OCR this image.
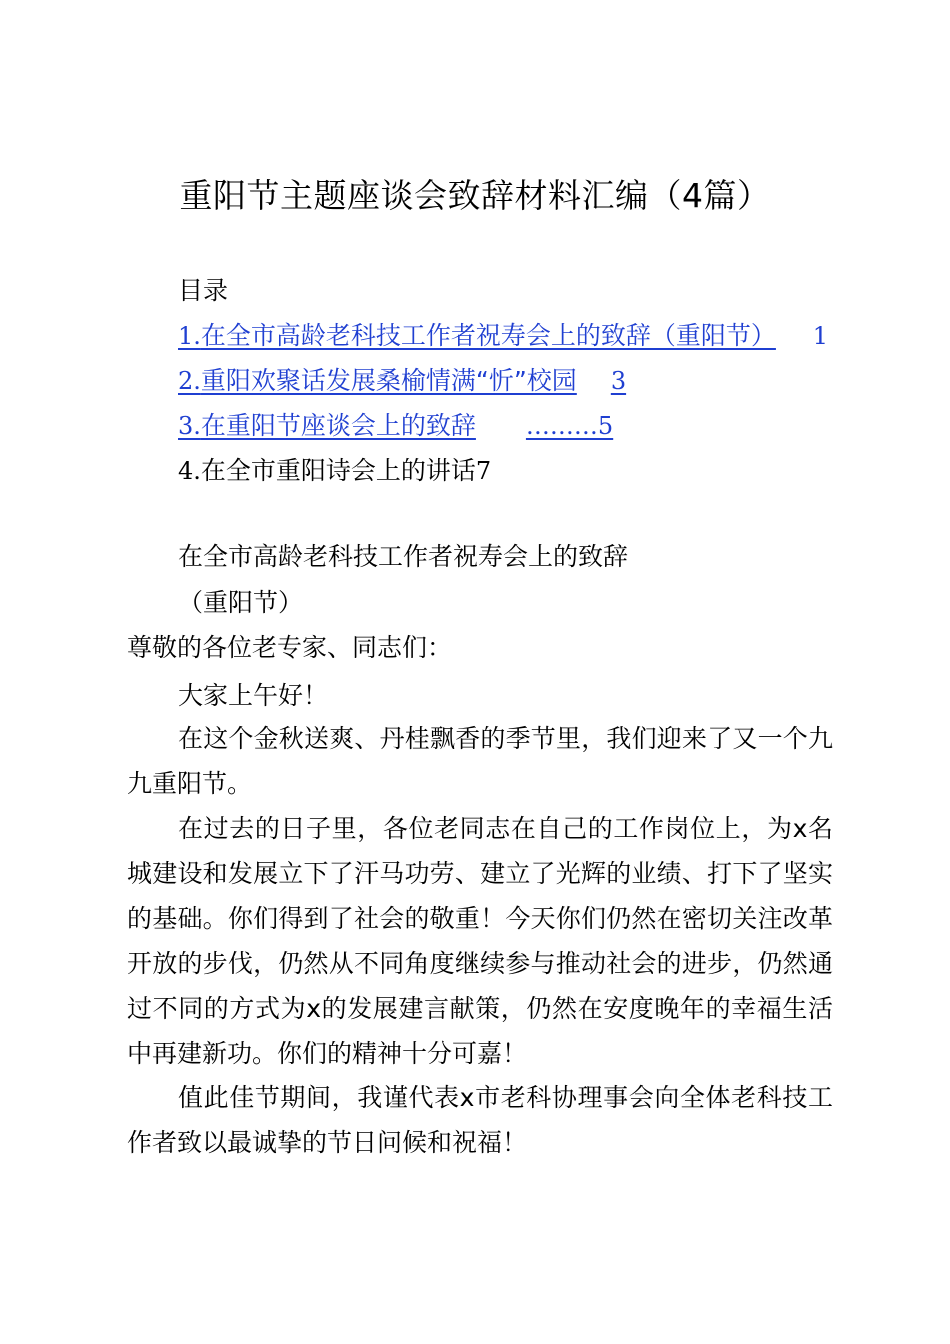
重阳节主题座谈会致辞材料汇编（4篇）
目录
1.在全市高龄老科技工作者祝寿会上的致辞（重阳节） 1
2.重阳欢聚话发展桑榆情满“忻”校园 3
3.在重阳节座谈会上的致辞 ………5
4.在全市重阳诗会上的讲话7
在全市高龄老科技工作者祝寿会上的致辞
（重阳节）
尊敬的各位老专家、同志们：
大家上午好！
在这个金秋送爽、丹桂飘香的季节里，我们迎来了又一个九九重阳节。
在过去的日子里，各位老同志在自己的工作岗位上，为x名城建设和发展立下了汗马功劳、建立了光辉的业绩、打下了坚实的基础。你们得到了社会的敬重！今天你们仍然在密切关注改革开放的步伐，仍然从不同角度继续参与推动社会的进步，仍然通过不同的方式为x的发展建言献策，仍然在安度晚年的幸福生活中再建新功。你们的精神十分可嘉！
值此佳节期间，我谨代表x市老科协理事会向全体老科技工作者致以最诚挚的节日问候和祝福！
